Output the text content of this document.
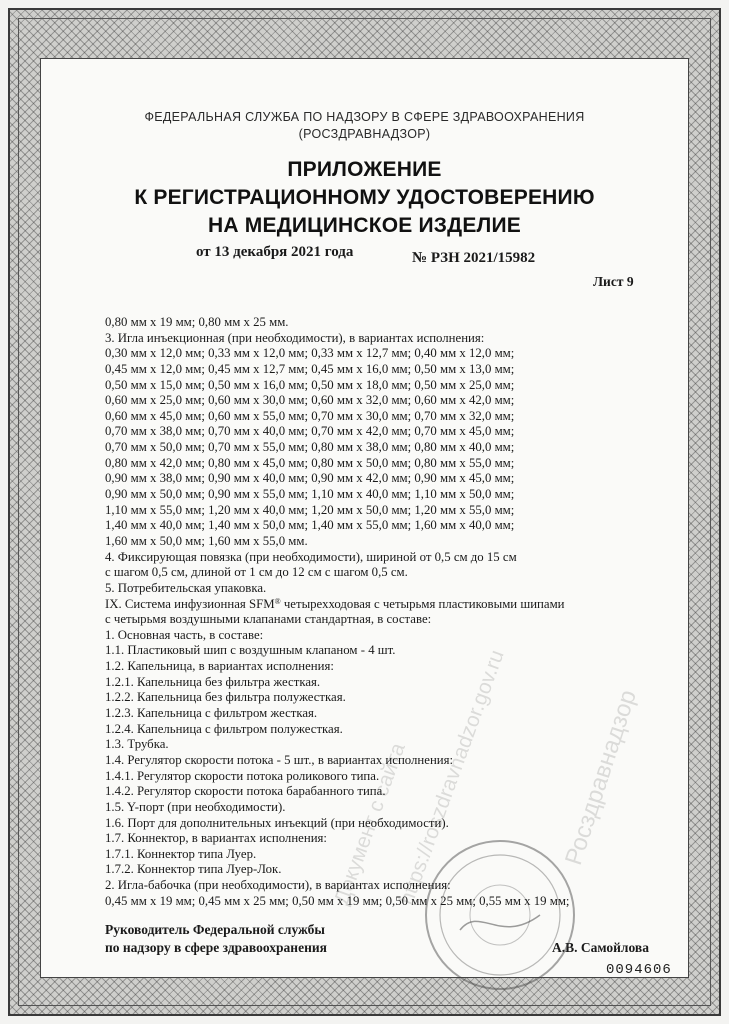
ФЕДЕРАЛЬНАЯ СЛУЖБА ПО НАДЗОРУ В СФЕРЕ ЗДРАВООХРАНЕНИЯ
(РОСЗДРАВНАДЗОР)
ПРИЛОЖЕНИЕ
К РЕГИСТРАЦИОННОМУ УДОСТОВЕРЕНИЮ
НА МЕДИЦИНСКОЕ ИЗДЕЛИЕ
от 13 декабря 2021 года	№ РЗН 2021/15982
Лист 9
0,80 мм х 19 мм; 0,80 мм х 25 мм.
3. Игла инъекционная (при необходимости), в вариантах исполнения:
0,30 мм х 12,0 мм; 0,33 мм х 12,0 мм; 0,33 мм х 12,7 мм; 0,40 мм х 12,0 мм;
0,45 мм х 12,0 мм; 0,45 мм х 12,7 мм; 0,45 мм х 16,0 мм; 0,50 мм х 13,0 мм;
0,50 мм х 15,0 мм; 0,50 мм х 16,0 мм; 0,50 мм х 18,0 мм; 0,50 мм х 25,0 мм;
0,60 мм х 25,0 мм; 0,60 мм х 30,0 мм; 0,60 мм х 32,0 мм; 0,60 мм х 42,0 мм;
0,60 мм х 45,0 мм; 0,60 мм х 55,0 мм; 0,70 мм х 30,0 мм; 0,70 мм х 32,0 мм;
0,70 мм х 38,0 мм; 0,70 мм х 40,0 мм; 0,70 мм х 42,0 мм; 0,70 мм х 45,0 мм;
0,70 мм х 50,0 мм; 0,70 мм х 55,0 мм; 0,80 мм х 38,0 мм; 0,80 мм х 40,0 мм;
0,80 мм х 42,0 мм; 0,80 мм х 45,0 мм; 0,80 мм х 50,0 мм; 0,80 мм х 55,0 мм;
0,90 мм х 38,0 мм; 0,90 мм х 40,0 мм; 0,90 мм х 42,0 мм; 0,90 мм х 45,0 мм;
0,90 мм х 50,0 мм; 0,90 мм х 55,0 мм; 1,10 мм х 40,0 мм; 1,10 мм х 50,0 мм;
1,10 мм х 55,0 мм; 1,20 мм х 40,0 мм; 1,20 мм х 50,0 мм; 1,20 мм х 55,0 мм;
1,40 мм х 40,0 мм; 1,40 мм х 50,0 мм; 1,40 мм х 55,0 мм; 1,60 мм х 40,0 мм;
1,60 мм х 50,0 мм; 1,60 мм х 55,0 мм.
4. Фиксирующая повязка (при необходимости), шириной от 0,5 см до 15 см
с шагом 0,5 см, длиной от 1 см до 12 см с шагом 0,5 см.
5. Потребительская упаковка.
IX. Система инфузионная SFM® четырехходовая с четырьмя пластиковыми шипами
с четырьмя воздушными клапанами стандартная, в составе:
1. Основная часть, в составе:
1.1. Пластиковый шип с воздушным клапаном - 4 шт.
1.2. Капельница, в вариантах исполнения:
1.2.1. Капельница без фильтра жесткая.
1.2.2. Капельница без фильтра полужесткая.
1.2.3. Капельница с фильтром жесткая.
1.2.4. Капельница с фильтром полужесткая.
1.3. Трубка.
1.4. Регулятор скорости потока - 5 шт., в вариантах исполнения:
1.4.1. Регулятор скорости потока роликового типа.
1.4.2. Регулятор скорости потока барабанного типа.
1.5. Y-порт (при необходимости).
1.6. Порт для дополнительных инъекций (при необходимости).
1.7. Коннектор, в вариантах исполнения:
1.7.1. Коннектор типа Луер.
1.7.2. Коннектор типа Луер-Лок.
2. Игла-бабочка (при необходимости), в вариантах исполнения:
0,45 мм х 19 мм; 0,45 мм х 25 мм; 0,50 мм х 19 мм; 0,50 мм х 25 мм; 0,55 мм х 19 мм;
Руководитель Федеральной службы
по надзору в сфере здравоохранения	А.В. Самойлова
0094606
Росздравнадзор
Документ с сайта
https://roszdravnadzor.gov.ru
